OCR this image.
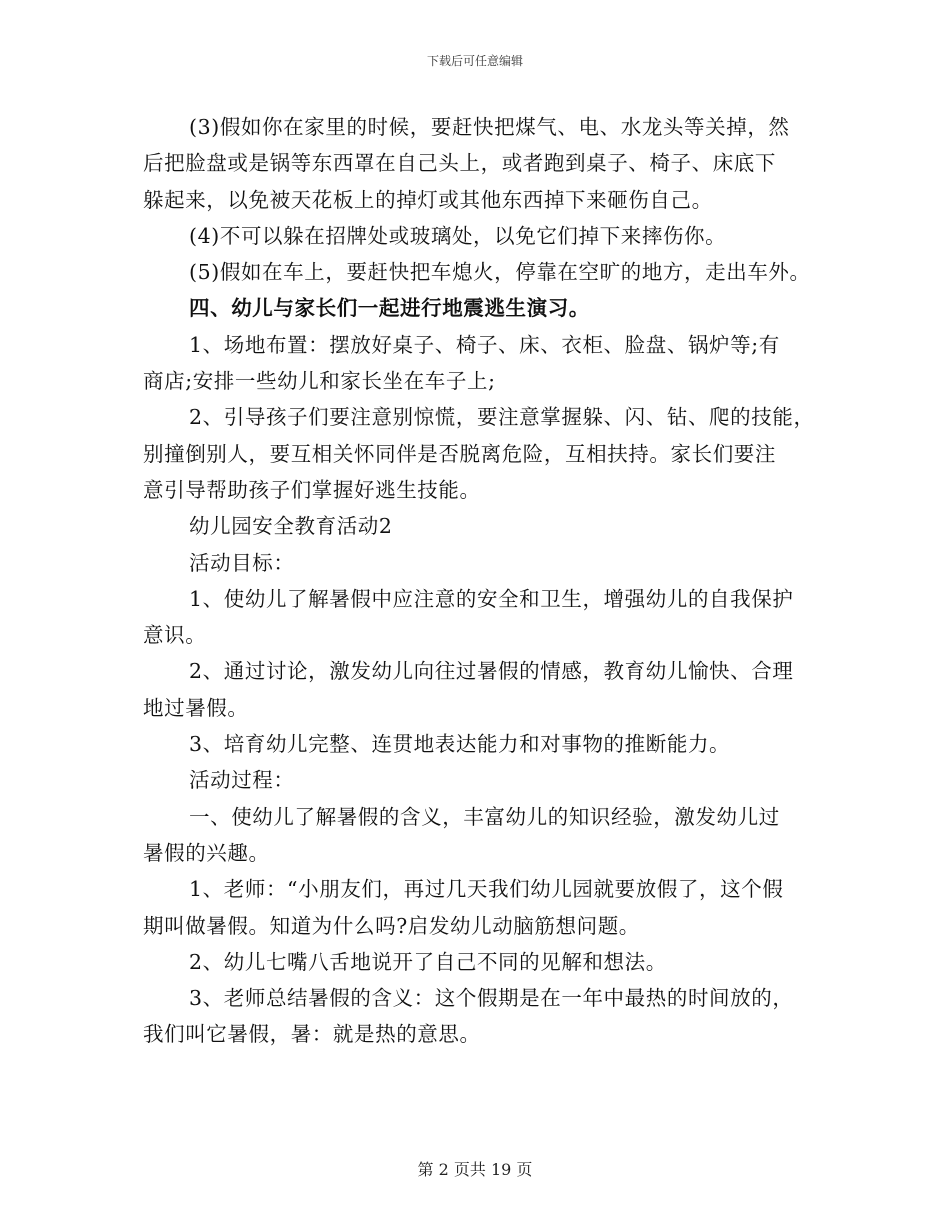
下载后可任意编辑

(3)假如你在家里的时候，要赶快把煤气、电、水龙头等关掉，然

后把脸盘或是锅等东西罩在自己头上，或者跑到桌子、椅子、床底下

躲起来，以免被天花板上的掉灯或其他东西掉下来砸伤自己。

(4)不可以躲在招牌处或玻璃处，以免它们掉下来摔伤你。

(5)假如在车上，要赶快把车熄火，停靠在空旷的地方，走出车外。

四、幼儿与家长们一起进行地震逃生演习。

1、场地布置：摆放好桌子、椅子、床、衣柜、脸盘、锅炉等;有

商店;安排一些幼儿和家长坐在车子上;

2、引导孩子们要注意别惊慌，要注意掌握躲、闪、钻、爬的技能，

别撞倒别人，要互相关怀同伴是否脱离危险，互相扶持。家长们要注

意引导帮助孩子们掌握好逃生技能。

幼儿园安全教育活动2

活动目标：

1、使幼儿了解暑假中应注意的安全和卫生，增强幼儿的自我保护

意识。

2、通过讨论，激发幼儿向往过暑假的情感，教育幼儿愉快、合理

地过暑假。

3、培育幼儿完整、连贯地表达能力和对事物的推断能力。

活动过程：

一、使幼儿了解暑假的含义，丰富幼儿的知识经验，激发幼儿过

暑假的兴趣。

1、老师：“小朋友们，再过几天我们幼儿园就要放假了，这个假

期叫做暑假。知道为什么吗?启发幼儿动脑筋想问题。

2、幼儿七嘴八舌地说开了自己不同的见解和想法。

3、老师总结暑假的含义：这个假期是在一年中最热的时间放的，

我们叫它暑假，暑：就是热的意思。

第 2 页共 19 页
